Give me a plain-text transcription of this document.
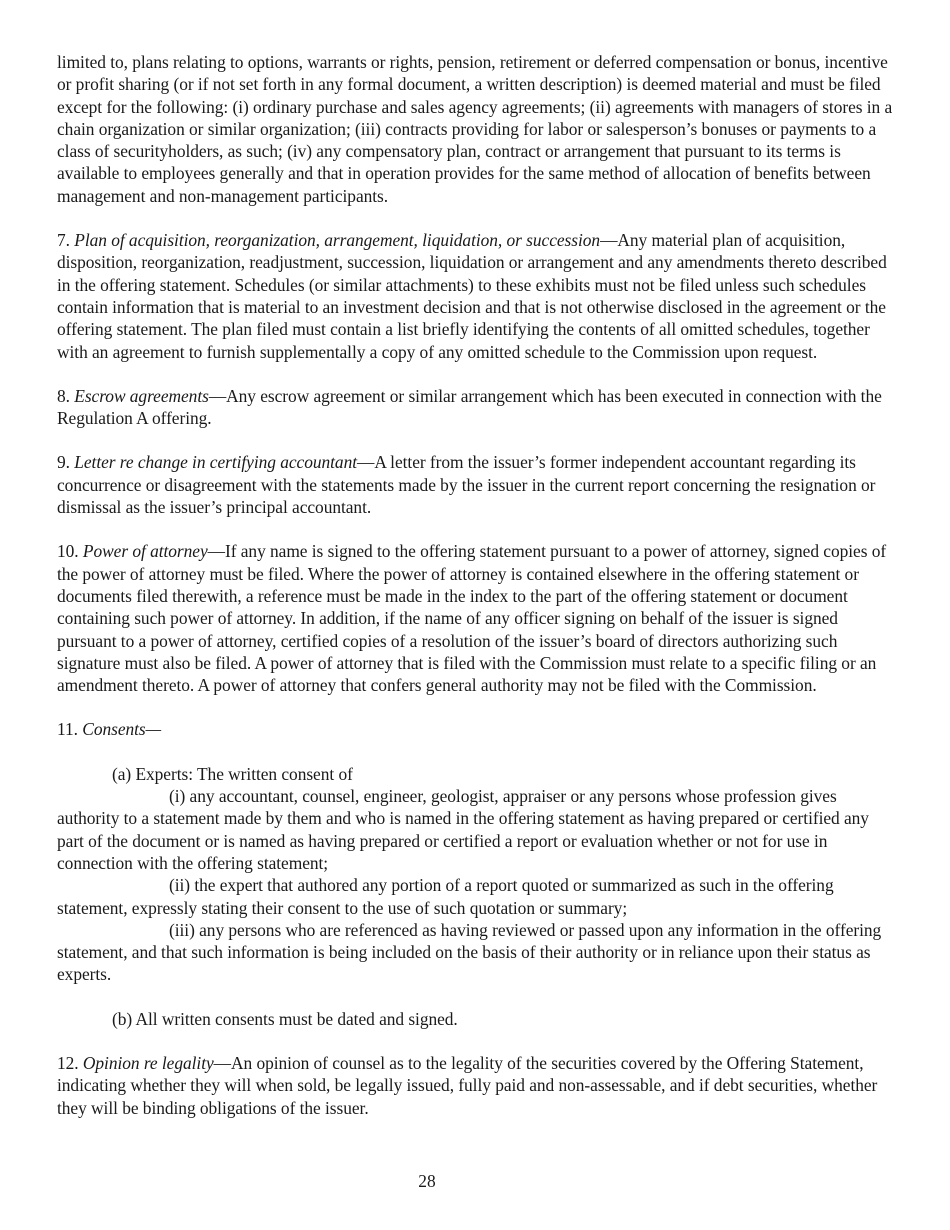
limited to, plans relating to options, warrants or rights, pension, retirement or deferred compensation or bonus, incentive or profit sharing (or if not set forth in any formal document, a written description) is deemed material and must be filed except for the following: (i) ordinary purchase and sales agency agreements; (ii) agreements with managers of stores in a chain organization or similar organization; (iii) contracts providing for labor or salesperson’s bonuses or payments to a class of securityholders, as such; (iv) any compensatory plan, contract or arrangement that pursuant to its terms is available to employees generally and that in operation provides for the same method of allocation of benefits between management and non-management participants.

7. Plan of acquisition, reorganization, arrangement, liquidation, or succession—Any material plan of acquisition, disposition, reorganization, readjustment, succession, liquidation or arrangement and any amendments thereto described in the offering statement. Schedules (or similar attachments) to these exhibits must not be filed unless such schedules contain information that is material to an investment decision and that is not otherwise disclosed in the agreement or the offering statement. The plan filed must contain a list briefly identifying the contents of all omitted schedules, together with an agreement to furnish supplementally a copy of any omitted schedule to the Commission upon request.

8. Escrow agreements—Any escrow agreement or similar arrangement which has been executed in connection with the Regulation A offering.

9. Letter re change in certifying accountant—A letter from the issuer’s former independent accountant regarding its concurrence or disagreement with the statements made by the issuer in the current report concerning the resignation or dismissal as the issuer’s principal accountant.

10. Power of attorney—If any name is signed to the offering statement pursuant to a power of attorney, signed copies of the power of attorney must be filed. Where the power of attorney is contained elsewhere in the offering statement or documents filed therewith, a reference must be made in the index to the part of the offering statement or document containing such power of attorney. In addition, if the name of any officer signing on behalf of the issuer is signed pursuant to a power of attorney, certified copies of a resolution of the issuer’s board of directors authorizing such signature must also be filed. A power of attorney that is filed with the Commission must relate to a specific filing or an amendment thereto. A power of attorney that confers general authority may not be filed with the Commission.

11. Consents—

(a) Experts: The written consent of

(i) any accountant, counsel, engineer, geologist, appraiser or any persons whose profession gives authority to a statement made by them and who is named in the offering statement as having prepared or certified any part of the document or is named as having prepared or certified a report or evaluation whether or not for use in connection with the offering statement;

(ii) the expert that authored any portion of a report quoted or summarized as such in the offering statement, expressly stating their consent to the use of such quotation or summary;

(iii) any persons who are referenced as having reviewed or passed upon any information in the offering statement, and that such information is being included on the basis of their authority or in reliance upon their status as experts.

(b) All written consents must be dated and signed.

12. Opinion re legality—An opinion of counsel as to the legality of the securities covered by the Offering Statement, indicating whether they will when sold, be legally issued, fully paid and non-assessable, and if debt securities, whether they will be binding obligations of the issuer.

28
